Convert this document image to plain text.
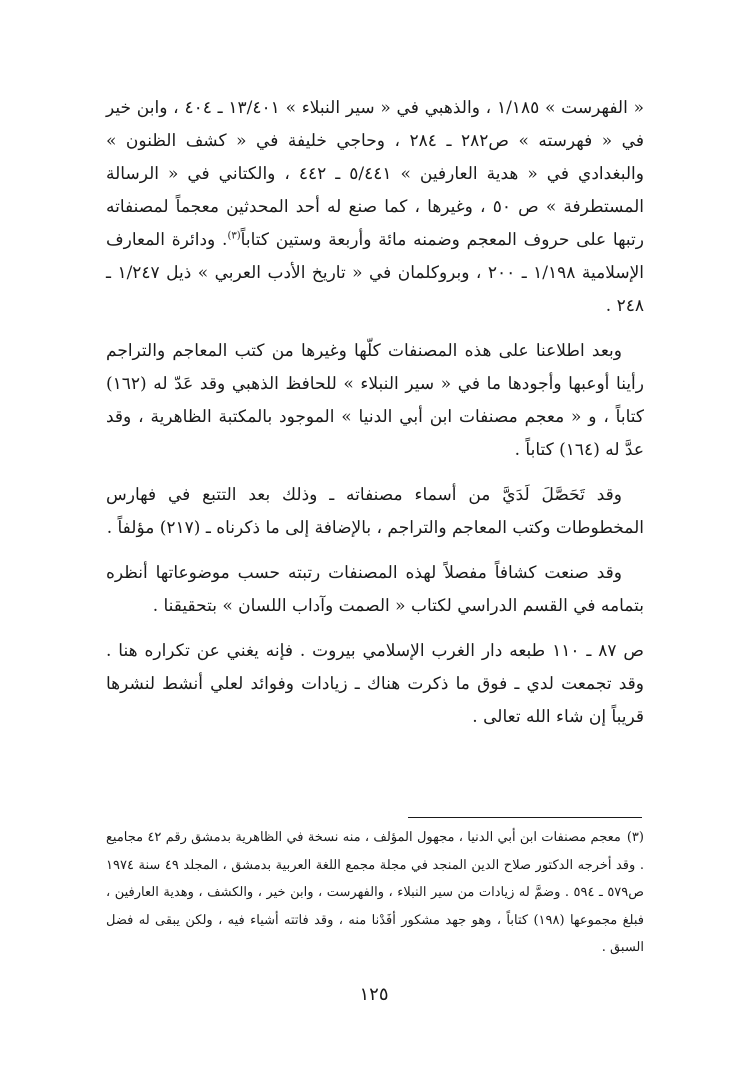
« الفهرست » ١/١٨٥ ، والذهبي في « سير النبلاء » ١٣/٤٠١ ـ ٤٠٤ ، وابن خير في « فهرسته » ص٢٨٢ ـ ٢٨٤ ، وحاجي خليفة في « كشف الظنون » والبغدادي في « هدية العارفين » ٥/٤٤١ ـ ٤٤٢ ، والكتاني في « الرسالة المستطرفة » ص ٥٠ ، وغيرها ، كما صنع له أحد المحدثين معجماً لمصنفاته رتبها على حروف المعجم وضمنه مائة وأربعة وستين كتاباً$^{(٣)}$. ودائرة المعارف الإسلامية ١/١٩٨ ـ ٢٠٠ ، وبروكلمان في « تاريخ الأدب العربي » ذيل ١/٢٤٧ ـ ٢٤٨ .

وبعد اطلاعنا على هذه المصنفات كلّها وغيرها من كتب المعاجم والتراجم رأينا أوعبها وأجودها ما في « سير النبلاء » للحافظ الذهبي وقد عَدّ له (١٦٢) كتاباً ، و « معجم مصنفات ابن أبي الدنيا » الموجود بالمكتبة الظاهرية ، وقد عدَّ له (١٦٤) كتاباً .

وقد تَحَصَّلَ لَدَيَّ من أسماء مصنفاته ـ وذلك بعد التتبع في فهارس المخطوطات وكتب المعاجم والتراجم ، بالإضافة إلى ما ذكرناه ـ (٢١٧) مؤلفاً .

وقد صنعت كشافاً مفصلاً لهذه المصنفات رتبته حسب موضوعاتها أنظره بتمامه في القسم الدراسي لكتاب « الصمت وآداب اللسان » بتحقيقنا .

ص ٨٧ ـ ١١٠ طبعه دار الغرب الإسلامي بيروت . فإنه يغني عن تكراره هنا . وقد تجمعت لدي ـ فوق ما ذكرت هناك ـ زيادات وفوائد لعلي أنشط لنشرها قريباً إن شاء الله تعالى .

(٣)معجم مصنفات ابن أبي الدنيا ، مجهول المؤلف ، منه نسخة في الظاهرية بدمشق رقم ٤٢ مجاميع . وقد أخرجه الدكتور صلاح الدين المنجد في مجلة مجمع اللغة العربية بدمشق ، المجلد ٤٩ سنة ١٩٧٤ ص٥٧٩ ـ ٥٩٤ . وضمَّ له زيادات من سير النبلاء ، والفهرست ، وابن خير ، والكشف ، وهدية العارفين ، فبلغ مجموعها (١٩٨) كتاباً ، وهو جهد مشكور أفَدْنا منه ، وقد فاتته أشياء فيه ، ولكن يبقى له فضل السبق .

١٢٥
